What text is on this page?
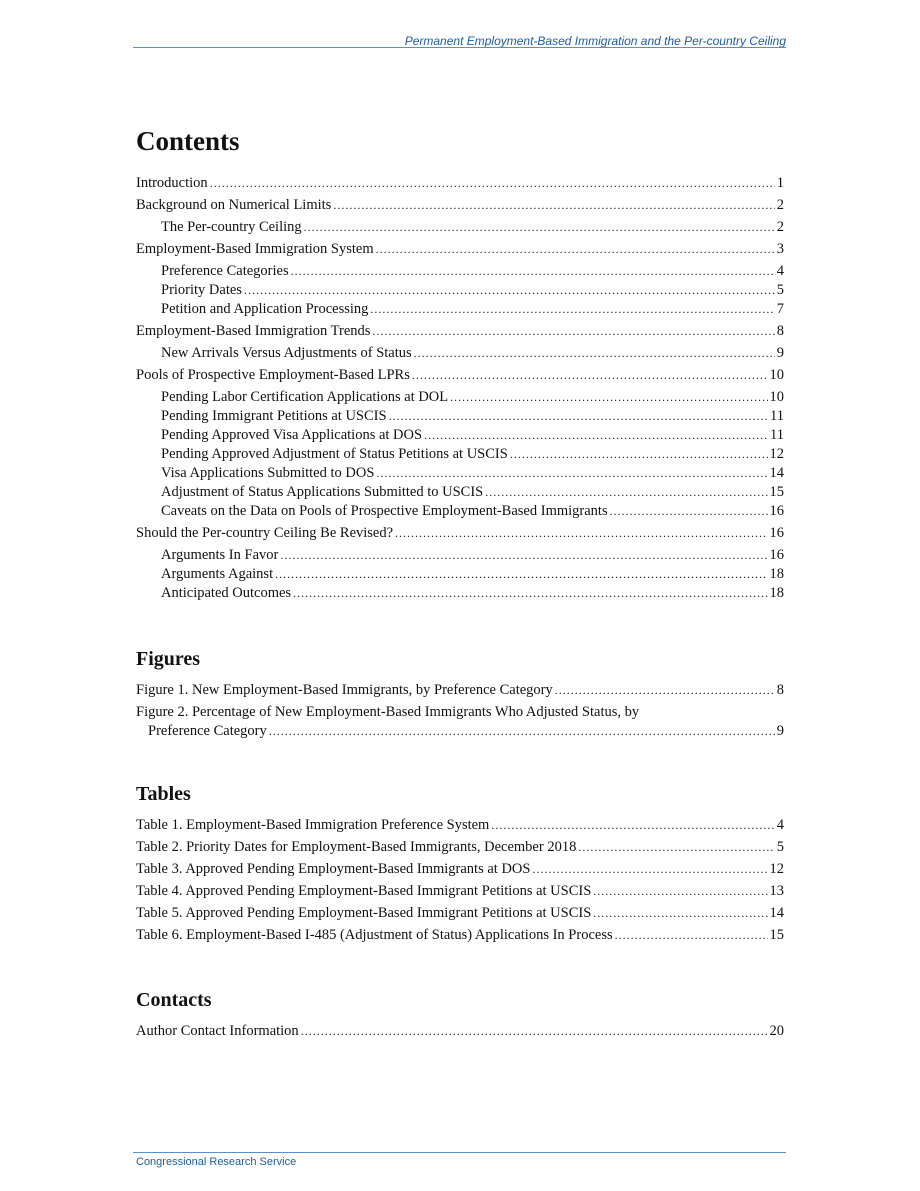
Permanent Employment-Based Immigration and the Per-country Ceiling
Contents
Introduction .....	1
Background on Numerical Limits .....	2
The Per-country Ceiling .....	2
Employment-Based Immigration System .....	3
Preference Categories .....	4
Priority Dates .....	5
Petition and Application Processing .....	7
Employment-Based Immigration Trends .....	8
New Arrivals Versus Adjustments of Status .....	9
Pools of Prospective Employment-Based LPRs .....	10
Pending Labor Certification Applications at DOL .....	10
Pending Immigrant Petitions at USCIS .....	11
Pending Approved Visa Applications at DOS .....	11
Pending Approved Adjustment of Status Petitions at USCIS .....	12
Visa Applications Submitted to DOS .....	14
Adjustment of Status Applications Submitted to USCIS .....	15
Caveats on the Data on Pools of Prospective Employment-Based Immigrants .....	16
Should the Per-country Ceiling Be Revised? .....	16
Arguments In Favor .....	16
Arguments Against .....	18
Anticipated Outcomes .....	18
Figures
Figure 1. New Employment-Based Immigrants, by Preference Category .....	8
Figure 2. Percentage of New Employment-Based Immigrants Who Adjusted Status, by
Preference Category .....	9
Tables
Table 1. Employment-Based Immigration Preference System .....	4
Table 2. Priority Dates for Employment-Based Immigrants, December 2018 .....	5
Table 3. Approved Pending Employment-Based Immigrants at DOS .....	12
Table 4. Approved Pending Employment-Based Immigrant Petitions at USCIS .....	13
Table 5. Approved Pending Employment-Based Immigrant Petitions at USCIS .....	14
Table 6. Employment-Based I-485 (Adjustment of Status) Applications In Process .....	15
Contacts
Author Contact Information .....	20
Congressional Research Service
